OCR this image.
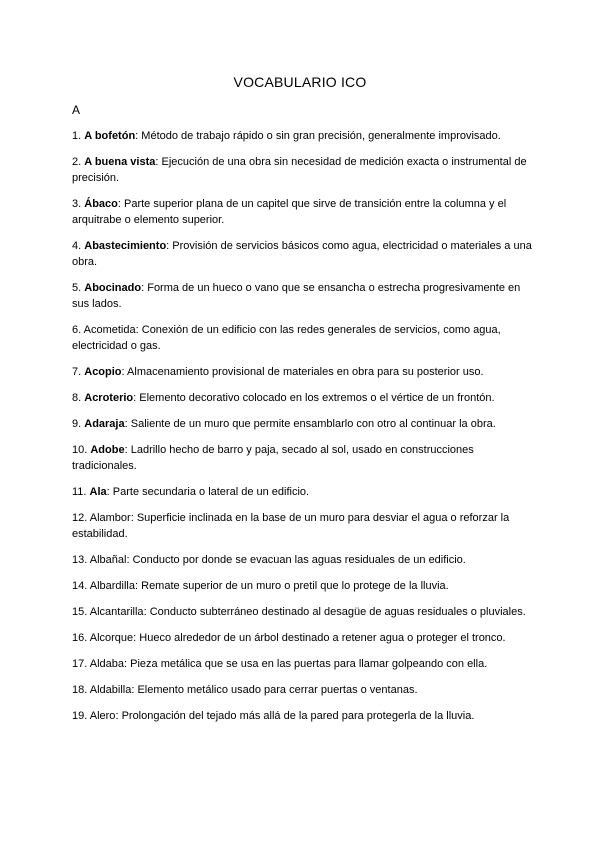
VOCABULARIO ICO
A

1. A bofetón: Método de trabajo rápido o sin gran precisión, generalmente improvisado.

2. A buena vista: Ejecución de una obra sin necesidad de medición exacta o instrumental de precisión.

3. Ábaco: Parte superior plana de un capitel que sirve de transición entre la columna y el arquitrabe o elemento superior.

4. Abastecimiento: Provisión de servicios básicos como agua, electricidad o materiales a una obra.

5. Abocinado: Forma de un hueco o vano que se ensancha o estrecha progresivamente en sus lados.

6. Acometida: Conexión de un edificio con las redes generales de servicios, como agua, electricidad o gas.

7. Acopio: Almacenamiento provisional de materiales en obra para su posterior uso.

8. Acroterio: Elemento decorativo colocado en los extremos o el vértice de un frontón.

9. Adaraja: Saliente de un muro que permite ensamblarlo con otro al continuar la obra.

10. Adobe: Ladrillo hecho de barro y paja, secado al sol, usado en construcciones tradicionales.

11. Ala: Parte secundaria o lateral de un edificio.

12. Alambor: Superficie inclinada en la base de un muro para desviar el agua o reforzar la estabilidad.

13. Albañal: Conducto por donde se evacuan las aguas residuales de un edificio.

14. Albardilla: Remate superior de un muro o pretil que lo protege de la lluvia.

15. Alcantarilla: Conducto subterráneo destinado al desagüe de aguas residuales o pluviales.

16. Alcorque: Hueco alrededor de un árbol destinado a retener agua o proteger el tronco.

17. Aldaba: Pieza metálica que se usa en las puertas para llamar golpeando con ella.

18. Aldabilla: Elemento metálico usado para cerrar puertas o ventanas.

19. Alero: Prolongación del tejado más allá de la pared para protegerla de la lluvia.
